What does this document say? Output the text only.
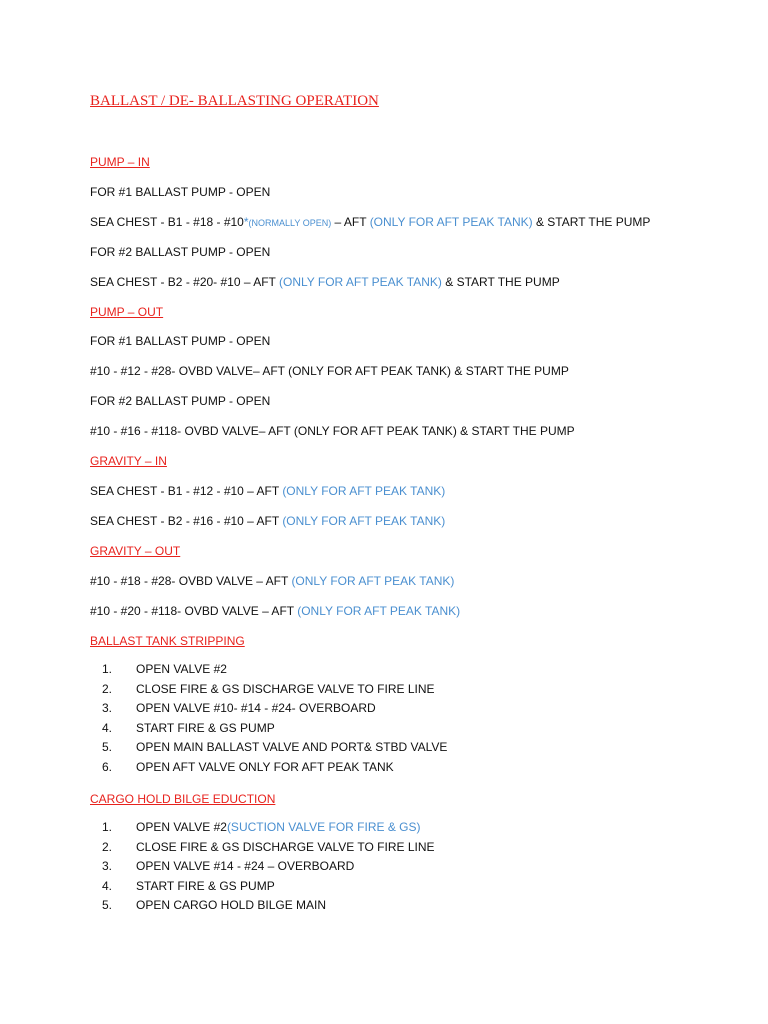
BALLAST / DE- BALLASTING OPERATION

PUMP – IN

FOR #1 BALLAST PUMP - OPEN

SEA CHEST - B1 - #18 - #10*(NORMALLY OPEN) – AFT (ONLY FOR AFT PEAK TANK) & START THE PUMP

FOR #2 BALLAST PUMP - OPEN

SEA CHEST - B2 - #20- #10 – AFT (ONLY FOR AFT PEAK TANK) & START THE PUMP

PUMP – OUT

FOR #1 BALLAST PUMP - OPEN

#10 - #12 - #28- OVBD VALVE– AFT (ONLY FOR AFT PEAK TANK) & START THE PUMP

FOR #2 BALLAST PUMP - OPEN

#10 - #16 - #118- OVBD VALVE– AFT (ONLY FOR AFT PEAK TANK) & START THE PUMP

GRAVITY – IN

SEA CHEST - B1 - #12 - #10 – AFT (ONLY FOR AFT PEAK TANK)

SEA CHEST - B2 - #16 - #10 – AFT (ONLY FOR AFT PEAK TANK)

GRAVITY – OUT

#10 - #18 - #28- OVBD VALVE – AFT (ONLY FOR AFT PEAK TANK)

#10 - #20 - #118- OVBD VALVE – AFT (ONLY FOR AFT PEAK TANK)

BALLAST TANK STRIPPING

1. OPEN VALVE #2
2. CLOSE FIRE & GS DISCHARGE VALVE TO FIRE LINE
3. OPEN VALVE #10- #14 - #24- OVERBOARD
4. START FIRE & GS PUMP
5. OPEN MAIN BALLAST VALVE AND PORT& STBD VALVE
6. OPEN AFT VALVE ONLY FOR AFT PEAK TANK

CARGO HOLD BILGE EDUCTION

1. OPEN VALVE #2(SUCTION VALVE FOR FIRE & GS)
2. CLOSE FIRE & GS DISCHARGE VALVE TO FIRE LINE
3. OPEN VALVE #14 - #24 – OVERBOARD
4. START FIRE & GS PUMP
5. OPEN CARGO HOLD BILGE MAIN
